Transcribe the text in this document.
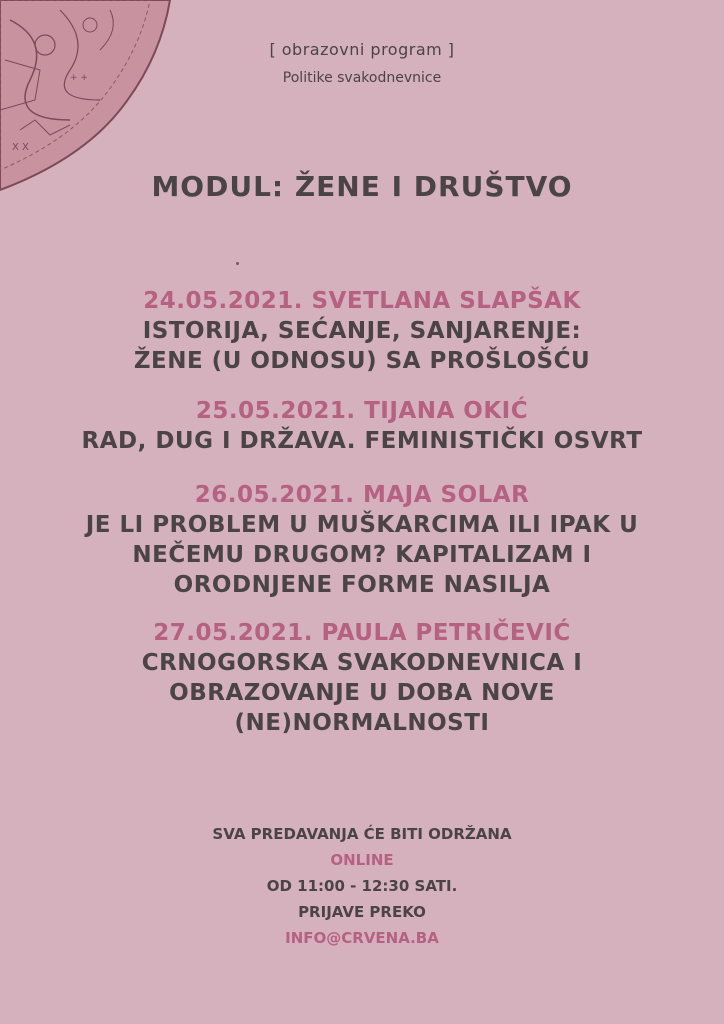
X X
+ +
[ obrazovni program ]
Politike svakodnevnice
MODUL: ŽENE I DRUŠTVO
24.05.2021. SVETLANA SLAPŠAK
ISTORIJA, SEĆANJE, SANJARENJE:
ŽENE (U ODNOSU) SA PROŠLOŠĆU
25.05.2021. TIJANA OKIĆ
RAD, DUG I DRŽAVA. FEMINISTIČKI OSVRT
26.05.2021. MAJA SOLAR
JE LI PROBLEM U MUŠKARCIMA ILI IPAK U
NEČEMU DRUGOM? KAPITALIZAM I
ORODNJENE FORME NASILJA
27.05.2021. PAULA PETRIČEVIĆ
CRNOGORSKA SVAKODNEVNICA I
OBRAZOVANJE U DOBA NOVE
(NE)NORMALNOSTI
SVA PREDAVANJA ĆE BITI ODRŽANA
ONLINE
OD 11:00 - 12:30 SATI.
PRIJAVE PREKO
INFO@CRVENA.BA
